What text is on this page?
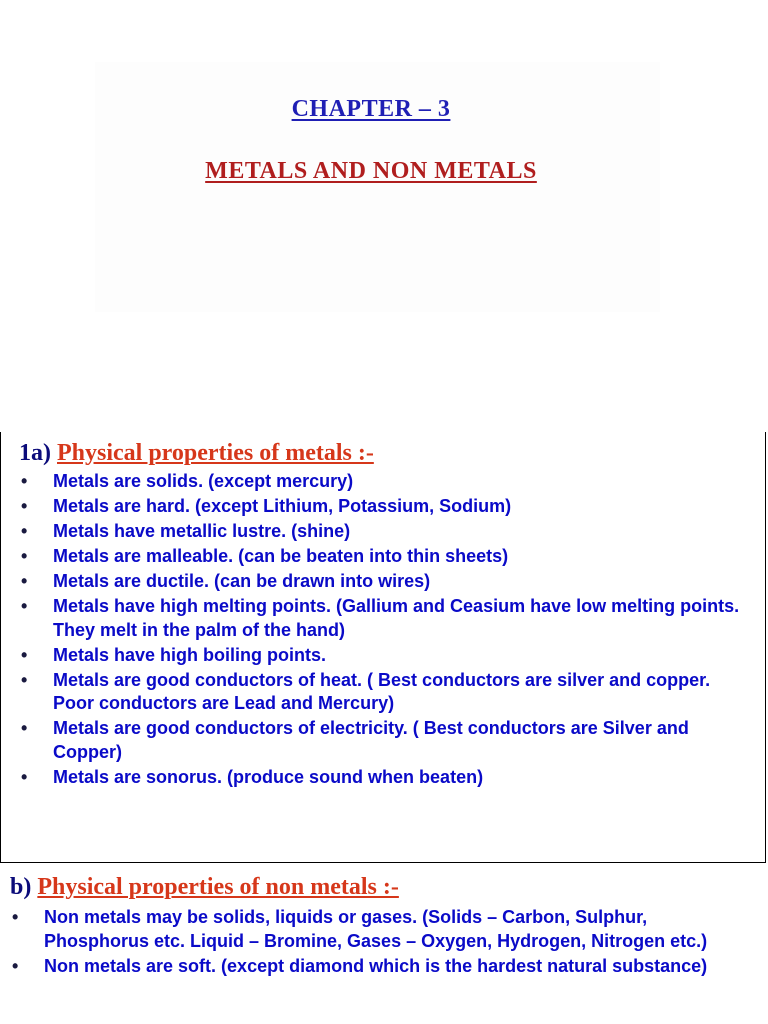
CHAPTER – 3
METALS AND NON METALS
1a) Physical properties of metals :-
• Metals are solids. (except mercury)
• Metals are hard. (except Lithium, Potassium, Sodium)
• Metals have metallic lustre. (shine)
• Metals are malleable. (can be beaten into thin sheets)
• Metals are ductile. (can be drawn into wires)
• Metals have high melting points. (Gallium and Ceasium have low melting points. They melt in the palm of the hand)
• Metals have high boiling points.
• Metals are good conductors of heat. ( Best conductors are silver and copper. Poor conductors are Lead and Mercury)
• Metals are good conductors of electricity. ( Best conductors are Silver and Copper)
• Metals are sonorus. (produce sound when beaten)
b) Physical properties of non metals :-
• Non metals may be solids, liquids or gases. (Solids – Carbon, Sulphur, Phosphorus etc. Liquid – Bromine, Gases – Oxygen, Hydrogen, Nitrogen etc.)
• Non metals are soft. (except diamond which is the hardest natural substance)
